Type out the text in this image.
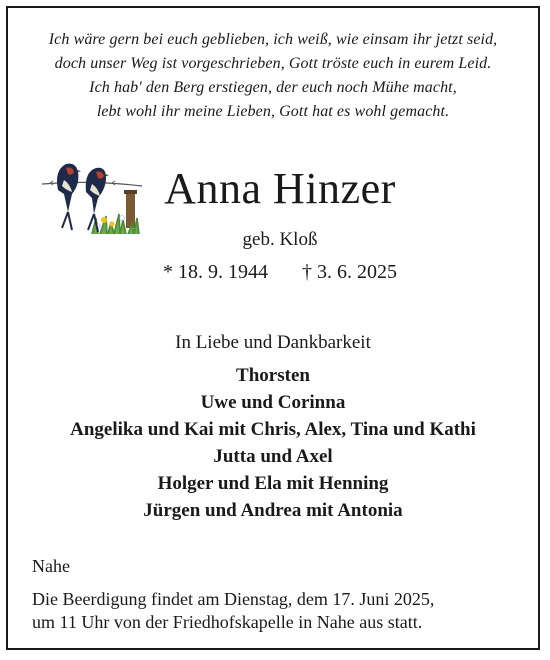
Ich wäre gern bei euch geblieben, ich weiß, wie einsam ihr jetzt seid,
doch unser Weg ist vorgeschrieben, Gott tröste euch in eurem Leid.
Ich hab' den Berg erstiegen, der euch noch Mühe macht,
lebt wohl ihr meine Lieben, Gott hat es wohl gemacht.
Anna Hinzer
geb. Kloß
* 18. 9. 1944 † 3. 6. 2025
In Liebe und Dankbarkeit
Thorsten
Uwe und Corinna
Angelika und Kai mit Chris, Alex, Tina und Kathi
Jutta und Axel
Holger und Ela mit Henning
Jürgen und Andrea mit Antonia
Nahe
Die Beerdigung findet am Dienstag, dem 17. Juni 2025,
um 11 Uhr von der Friedhofskapelle in Nahe aus statt.
